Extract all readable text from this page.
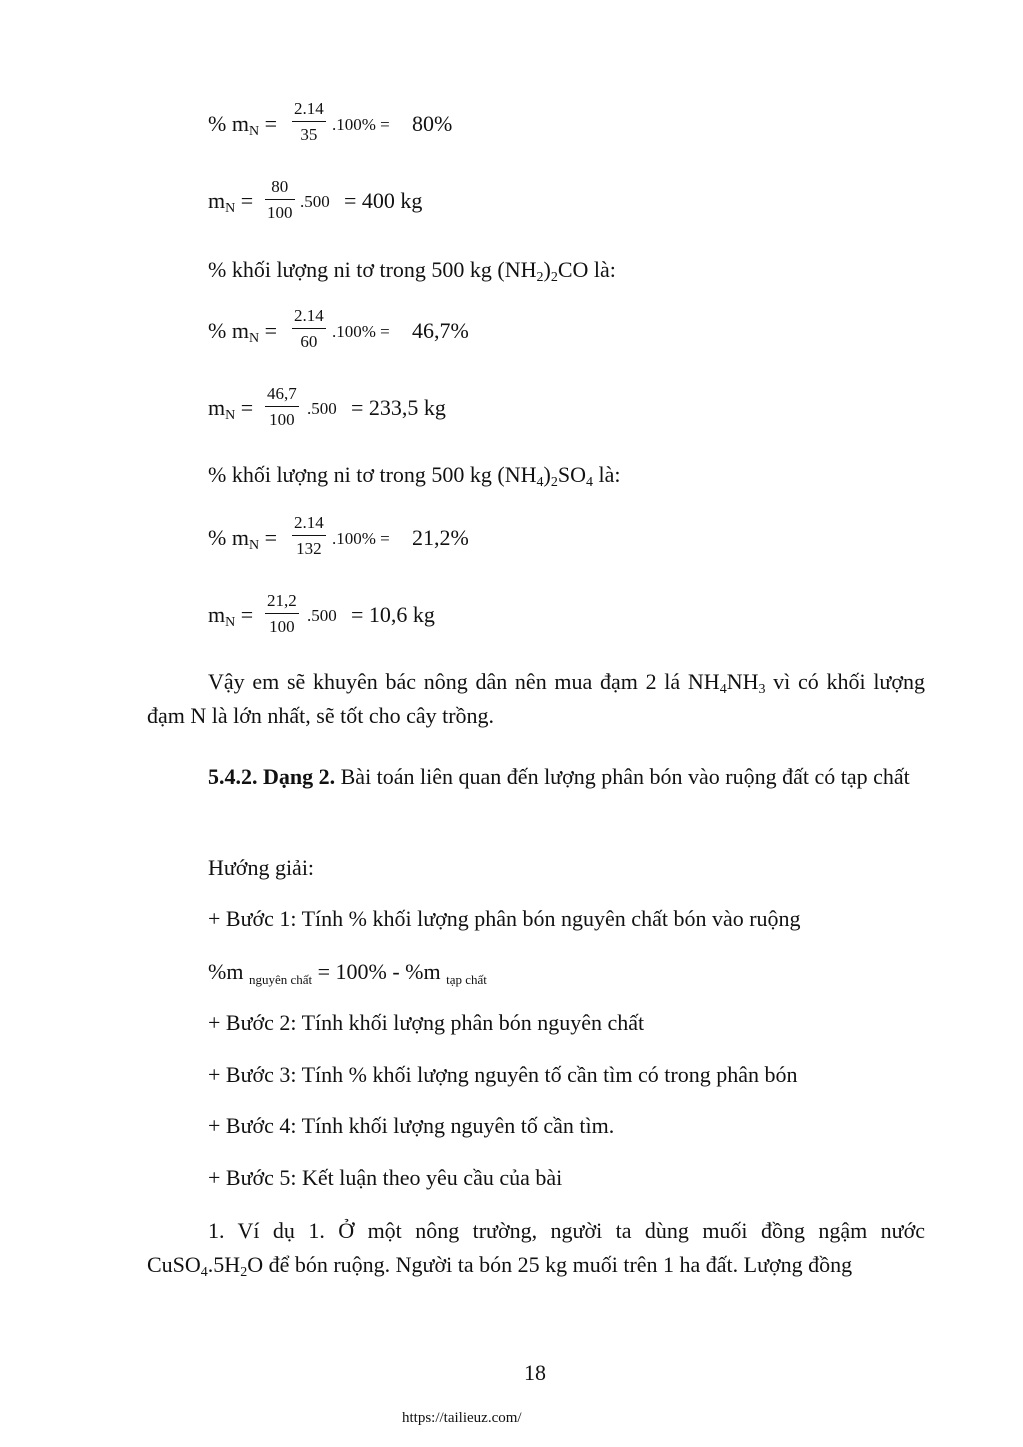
% $m_N$ =
2.14
35
.100% = 80%
$m_N$ =
80
100
.500 = 400 kg
% khối lượng ni tơ trong 500 kg $(NH_2)_2CO$ là:
% $m_N$ =
2.14
60
.100% = 46,7%
$m_N$ =
46,7
100
.500 = 233,5 kg
% khối lượng ni tơ trong 500 kg $(NH_4)_2SO_4$ là:
% $m_N$ =
2.14
132
.100% = 21,2%
$m_N$ =
21,2
100
.500 = 10,6 kg
Vậy em sẽ khuyên bác nông dân nên mua đạm 2 lá $NH_4NH_3$ vì có khối lượng đạm N là lớn nhất, sẽ tốt cho cây trồng.
5.4.2. Dạng 2. Bài toán liên quan đến lượng phân bón vào ruộng đất có tạp chất
Hướng giải:
+ Bước 1: Tính % khối lượng phân bón nguyên chất bón vào ruộng
%m $_{nguyên chất}$ = 100% - %m $_{tạp chất}$
+ Bước 2: Tính khối lượng phân bón nguyên chất
+ Bước 3: Tính % khối lượng nguyên tố cần tìm có trong phân bón
+ Bước 4: Tính khối lượng nguyên tố cần tìm.
+ Bước 5: Kết luận theo yêu cầu của bài
1. Ví dụ 1. Ở một nông trường, người ta dùng muối đồng ngậm nước $CuSO_4.5H_2O$ để bón ruộng. Người ta bón 25 kg muối trên 1 ha đất. Lượng đồng
18
https://tailieuz.com/
